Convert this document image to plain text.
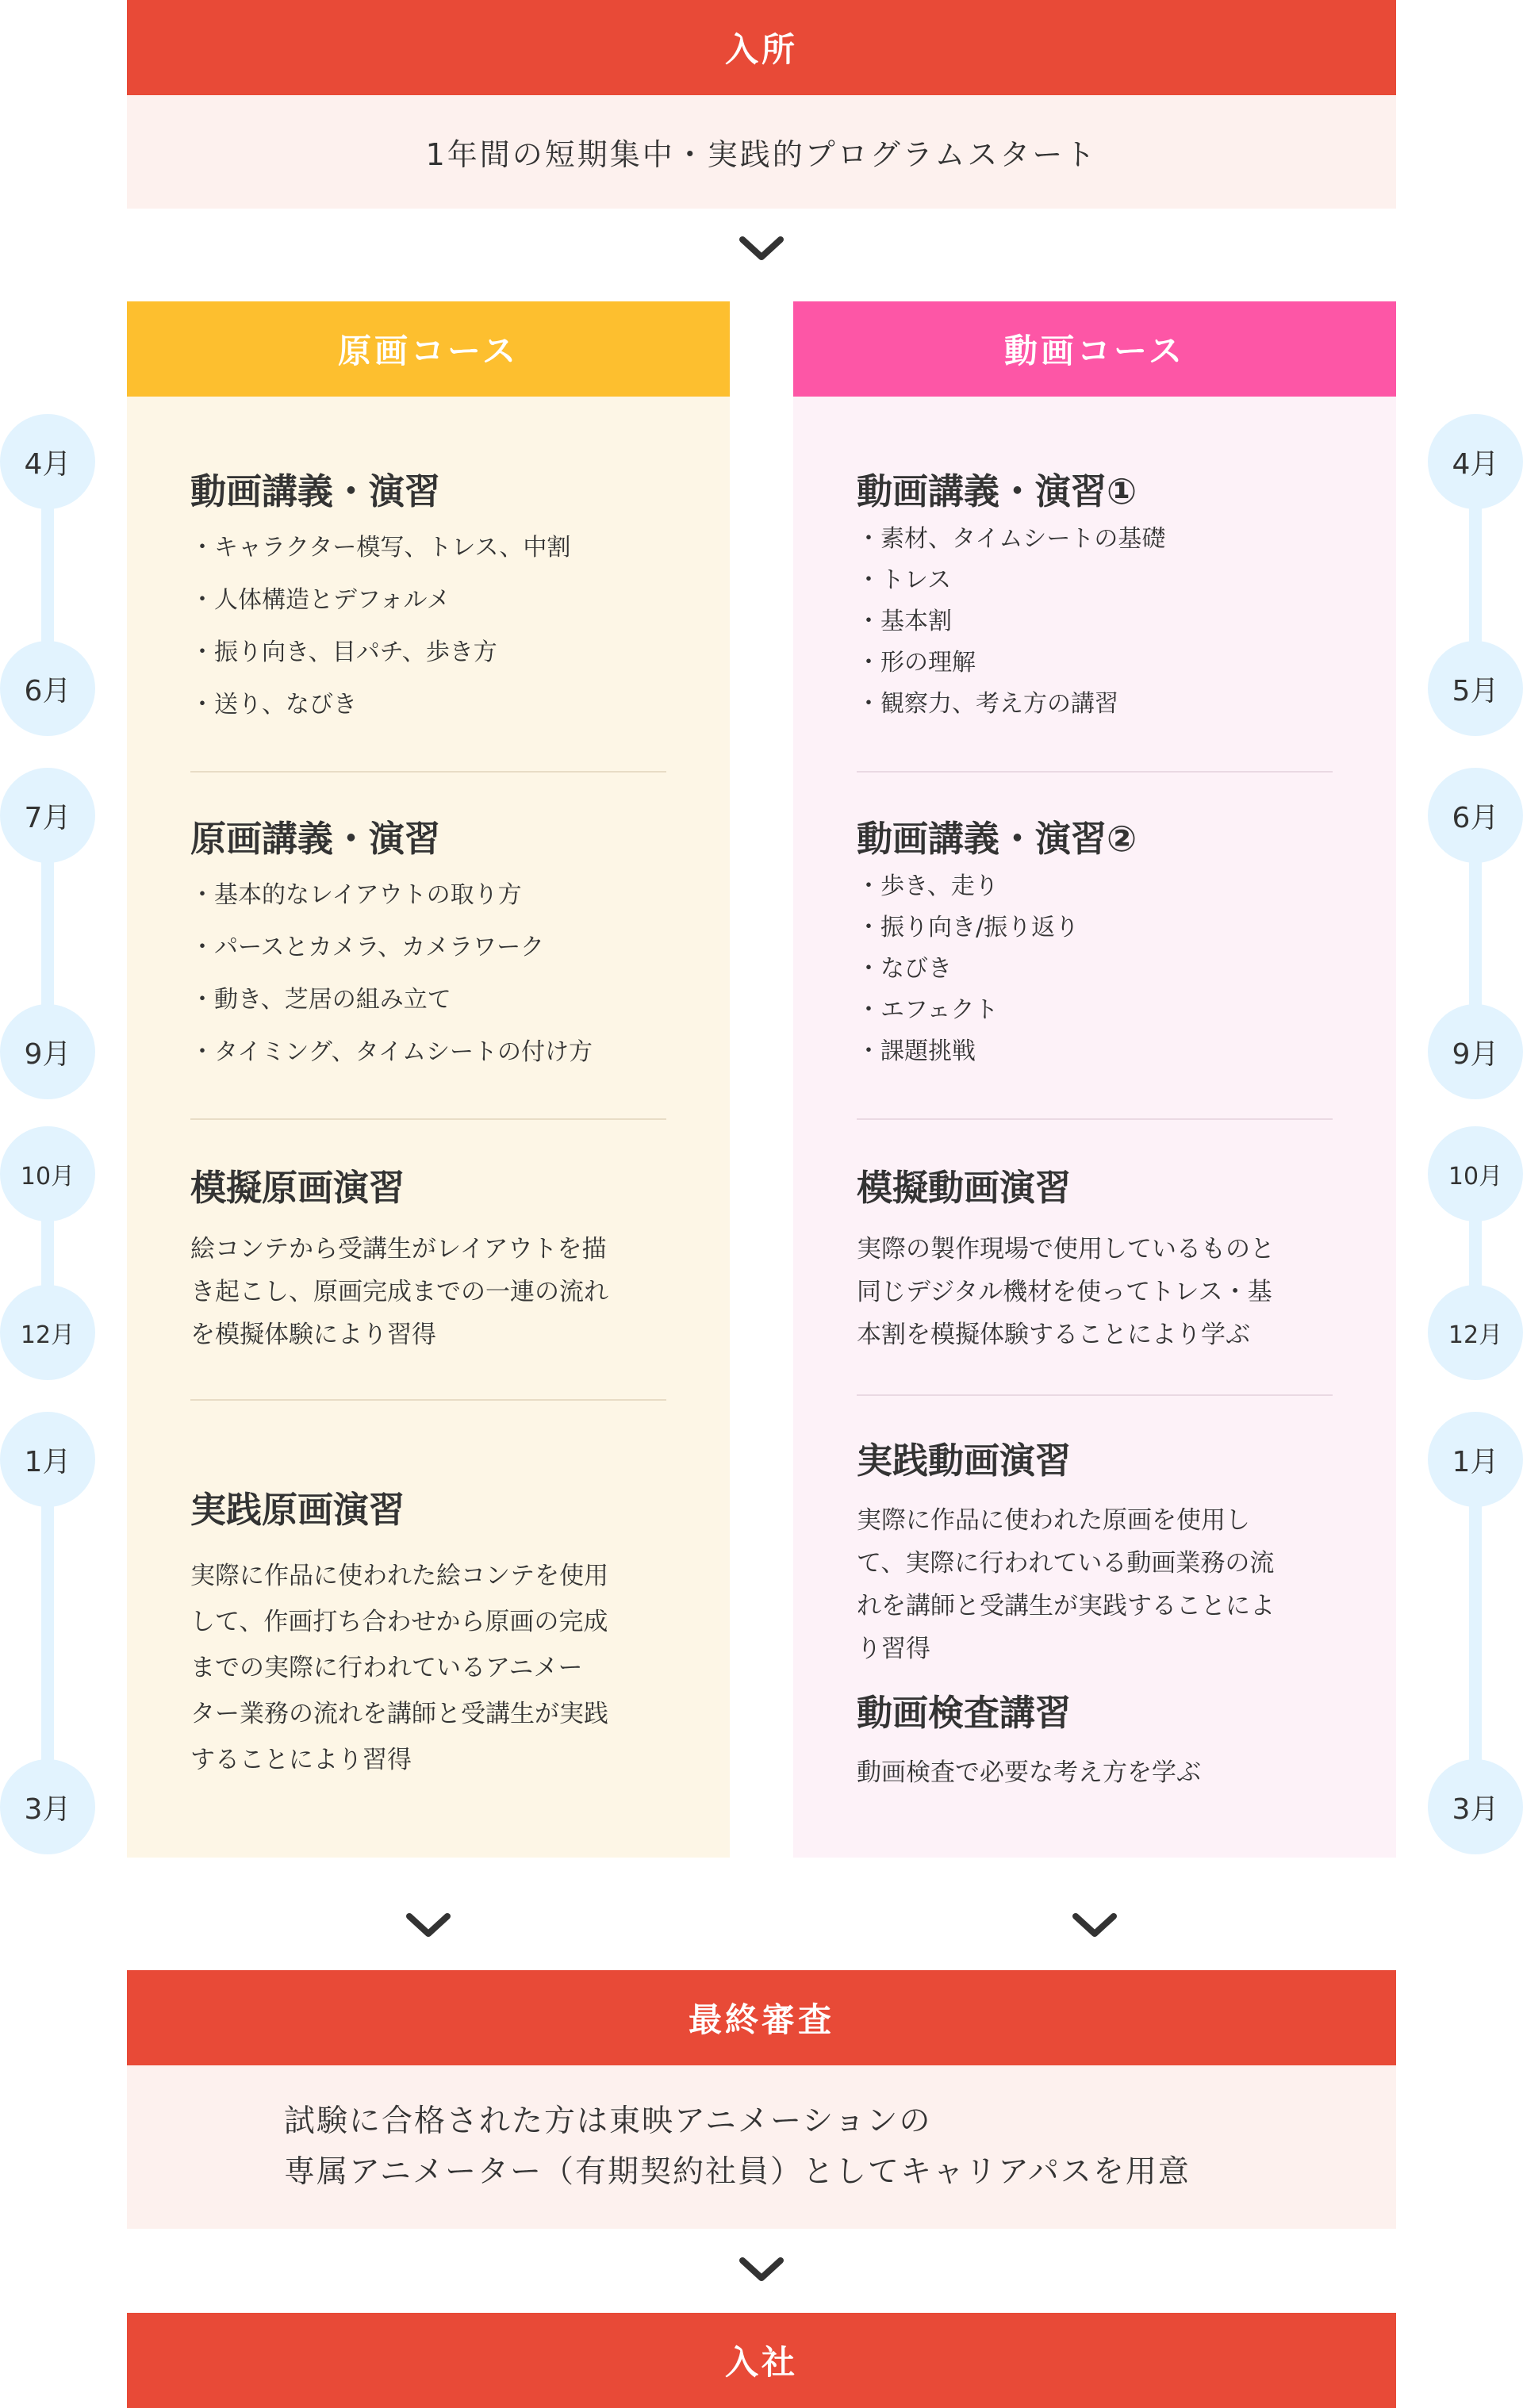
入所
1年間の短期集中・実践的プログラムスタート
4月
6月
7月
9月
10月
12月
1月
3月
4月
5月
6月
9月
10月
12月
1月
3月
原画コース
動画講義・演習
・キャラクター模写、トレス、中割
・人体構造とデフォルメ
・振り向き、目パチ、歩き方
・送り、なびき
原画講義・演習
・基本的なレイアウトの取り方
・パースとカメラ、カメラワーク
・動き、芝居の組み立て
・タイミング、タイムシートの付け方
模擬原画演習
絵コンテから受講生がレイアウトを描
き起こし、原画完成までの一連の流れ
を模擬体験により習得
実践原画演習
実際に作品に使われた絵コンテを使用
して、作画打ち合わせから原画の完成
までの実際に行われているアニメー
ター業務の流れを講師と受講生が実践
することにより習得
動画コース
動画講義・演習①
・素材、タイムシートの基礎
・トレス
・基本割
・形の理解
・観察力、考え方の講習
動画講義・演習②
・歩き、走り
・振り向き/振り返り
・なびき
・エフェクト
・課題挑戦
模擬動画演習
実際の製作現場で使用しているものと
同じデジタル機材を使ってトレス・基
本割を模擬体験することにより学ぶ
実践動画演習
実際に作品に使われた原画を使用し
て、実際に行われている動画業務の流
れを講師と受講生が実践することによ
り習得
動画検査講習
動画検査で必要な考え方を学ぶ
最終審査
試験に合格された方は東映アニメーションの
専属アニメーター（有期契約社員）としてキャリアパスを用意
入社
